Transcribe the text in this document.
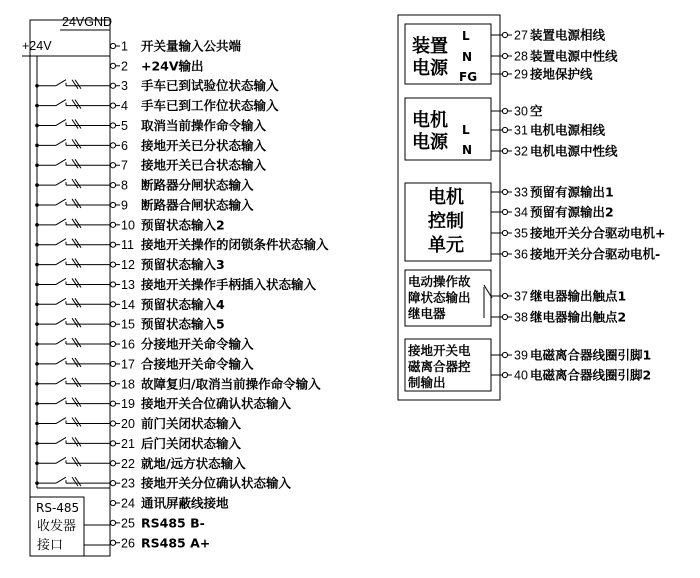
1 开关量输入公共端
2 +24V输出
3 手车已到试验位状态输入
4 手车已到工作位状态输入
5 取消当前操作命令输入
6 接地开关已分状态输入
7 接地开关已合状态输入
8 断路器分闸状态输入
9 断路器合闸状态输入
10 预留状态输入2
11 接地开关操作的闭锁条件状态输入
12 预留状态输入3
13 接地开关操作手柄插入状态输入
14 预留状态输入4
15 预留状态输入5
16 分接地开关命令输入
17 合接地开关命令输入
18 故障复归/取消当前操作命令输入
19 接地开关合位确认状态输入
20 前门关闭状态输入
21 后门关闭状态输入
22 就地/远方状态输入
23 接地开关分位确认状态输入
24 通讯屏蔽线接地
25 RS485 B-
26 RS485 A+
27 装置电源相线
28 装置电源中性线
29 接地保护线
30 空
31 电机电源相线
32 电机电源中性线
33 预留有源输出1
34 预留有源输出2
35 接地开关分合驱动电机+
36 接地开关分合驱动电机-
37 继电器输出触点1
38 继电器输出触点2
39 电磁离合器线圈引脚1
40 电磁离合器线圈引脚2
+24V
24VGND
RS-485
收发器
接口
装置
电源
L
N
FG
电机
电源
L
N
电机
控制
单元
电动操作故
障状态输出
继电器
接地开关电
磁离合器控
制输出
